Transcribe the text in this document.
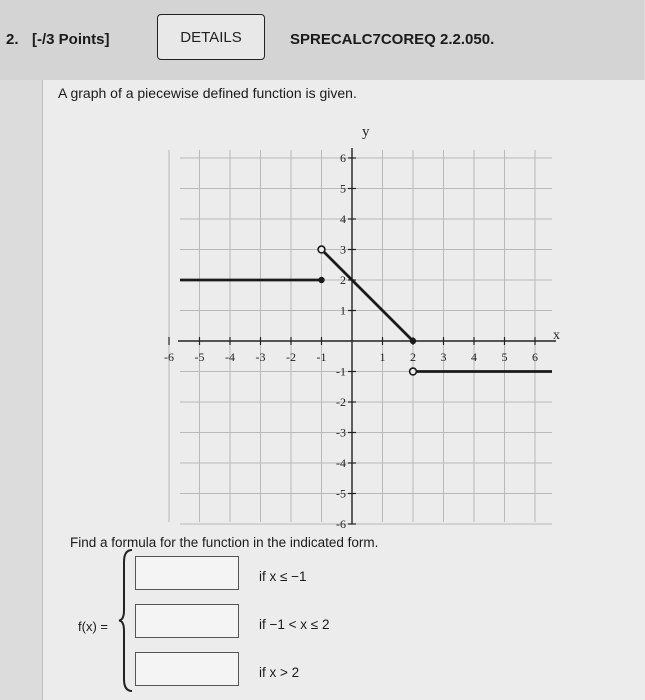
2. [-/3 Points]	DETAILS	SPRECALC7COREQ 2.2.050.
A graph of a piecewise defined function is given.
-6 -5 -4 -3 -2 -1	1 2 3 4 5 6
1
2
3
4
5
6
-1
-2
-3
-4
-5
-6
x
y
Find a formula for the function in the indicated form.
f(x) =
if x ≤ −1
if −1 < x ≤ 2
if x > 2
